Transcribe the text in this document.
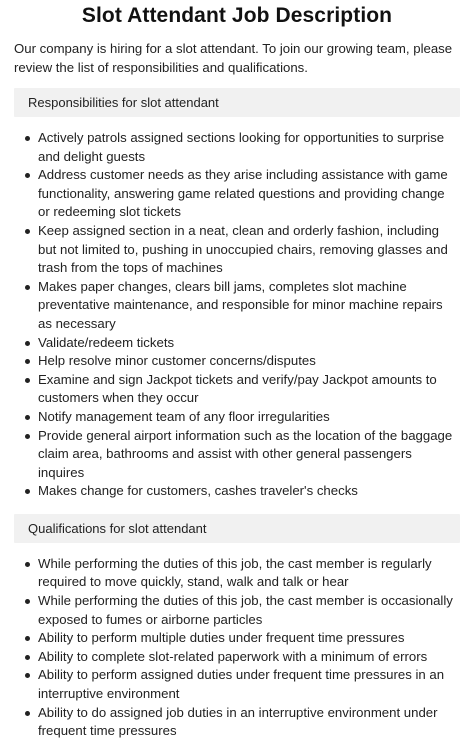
Slot Attendant Job Description

Our company is hiring for a slot attendant. To join our growing team, please review the list of responsibilities and qualifications.

Responsibilities for slot attendant
Actively patrols assigned sections looking for opportunities to surprise and delight guests
Address customer needs as they arise including assistance with game functionality, answering game related questions and providing change or redeeming slot tickets
Keep assigned section in a neat, clean and orderly fashion, including but not limited to, pushing in unoccupied chairs, removing glasses and trash from the tops of machines
Makes paper changes, clears bill jams, completes slot machine preventative maintenance, and responsible for minor machine repairs as necessary
Validate/redeem tickets
Help resolve minor customer concerns/disputes
Examine and sign Jackpot tickets and verify/pay Jackpot amounts to customers when they occur
Notify management team of any floor irregularities
Provide general airport information such as the location of the baggage claim area, bathrooms and assist with other general passengers inquires
Makes change for customers, cashes traveler's checks
Qualifications for slot attendant
While performing the duties of this job, the cast member is regularly required to move quickly, stand, walk and talk or hear
While performing the duties of this job, the cast member is occasionally exposed to fumes or airborne particles
Ability to perform multiple duties under frequent time pressures
Ability to complete slot-related paperwork with a minimum of errors
Ability to perform assigned duties under frequent time pressures in an interruptive environment
Ability to do assigned job duties in an interruptive environment under frequent time pressures
